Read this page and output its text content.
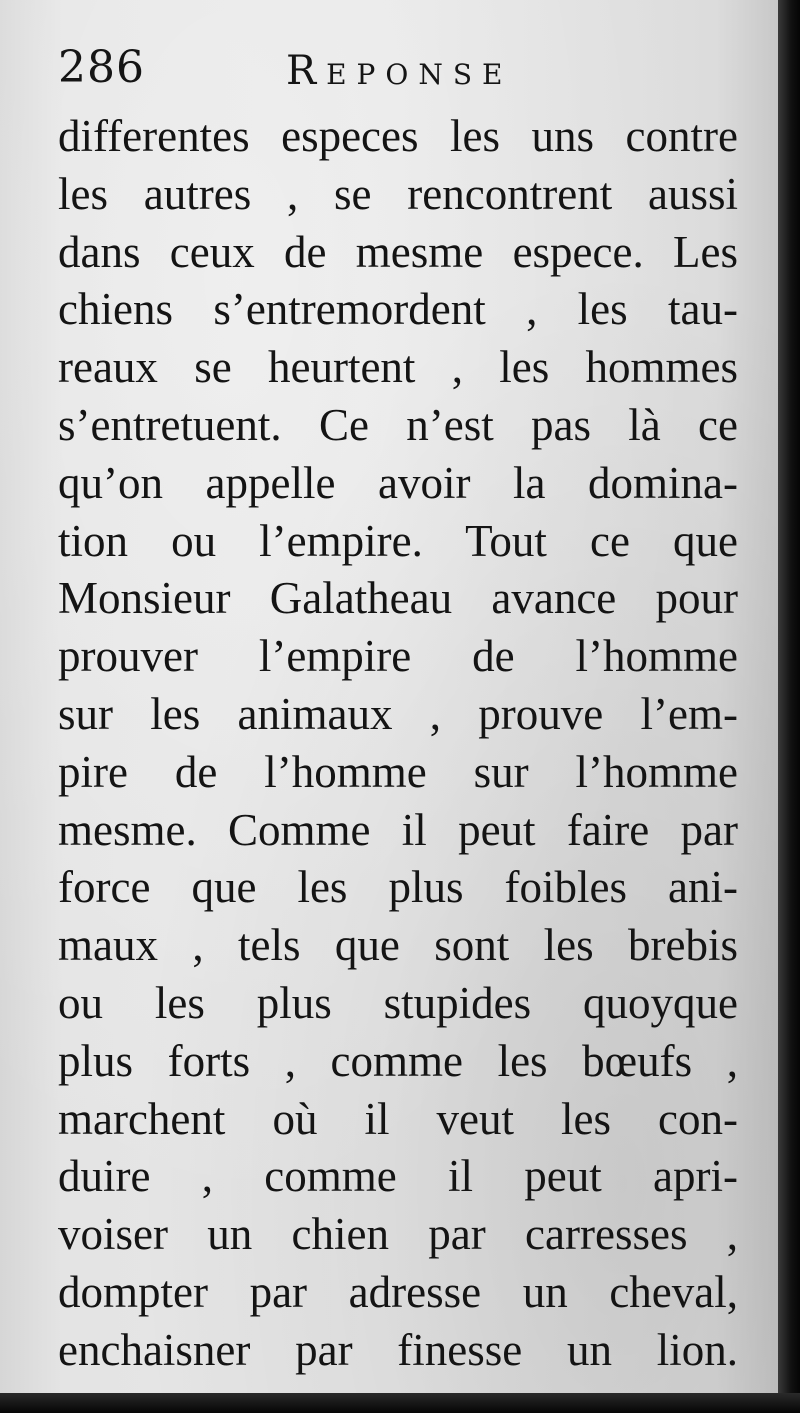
286	Reponse
differentes especes les uns contre
les autres , se rencontrent aussi
dans ceux de mesme espece. Les
chiens s’entremordent , les tau-
reaux se heurtent , les hommes
s’entretuent. Ce n’est pas là ce
qu’on appelle avoir la domina-
tion ou l’empire. Tout ce que
Monsieur Galatheau avance pour
prouver l’empire de l’homme
sur les animaux , prouve l’em-
pire de l’homme sur l’homme
mesme. Comme il peut faire par
force que les plus foibles ani-
maux , tels que sont les brebis
ou les plus stupides quoyque
plus forts , comme les bœufs ,
marchent où il veut les con-
duire , comme il peut apri-
voiser un chien par carresses ,
dompter par adresse un cheval,
enchaisner par finesse un lion.
